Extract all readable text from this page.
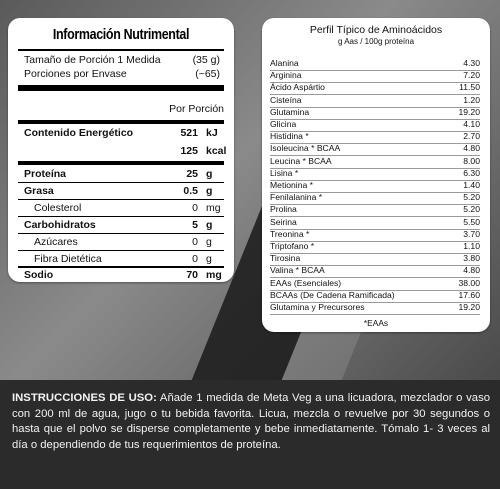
Información Nutrimental
Tamaño de Porción 1 Medida	(35 g)
Porciones por Envase	(~65)
Por Porción
Contenido Energético	521 kJ
125 kcal
Proteína	25 g
Grasa	0.5 g
Colesterol	0 mg
Carbohidratos	5 g
Azúcares	0 g
Fibra Dietética	0 g
Sodio	70 mg
Perfil Típico de Aminoácidos
g Aas / 100g proteína
Alanina	4.30
Arginina	7.20
Ácido Aspártio	11.50
Cisteína	1.20
Glutamina	19.20
Glicina	4.10
Histidina *	2.70
Isoleucina * BCAA	4.80
Leucina * BCAA	8.00
Lisina *	6.30
Metionina *	1.40
Fenilalanina *	5.20
Prolina	5.20
Seirina	5.50
Treonina *	3.70
Triptofano *	1.10
Tirosina	3.80
Valina * BCAA	4.80
EAAs (Esenciales)	38.00
BCAAs (De Cadena Ramificada)	17.60
Glutamina y Precursores	19.20
*EAAs
INSTRUCCIONES DE USO: Añade 1 medida de Meta Veg a una licuadora, mezclador o vaso con 200 ml de agua, jugo o tu bebida favorita. Licua, mezcla o revuelve por 30 segundos o hasta que el polvo se disperse completamente y bebe inmediatamente. Tómalo 1- 3 veces al día o dependiendo de tus requerimientos de proteína.
